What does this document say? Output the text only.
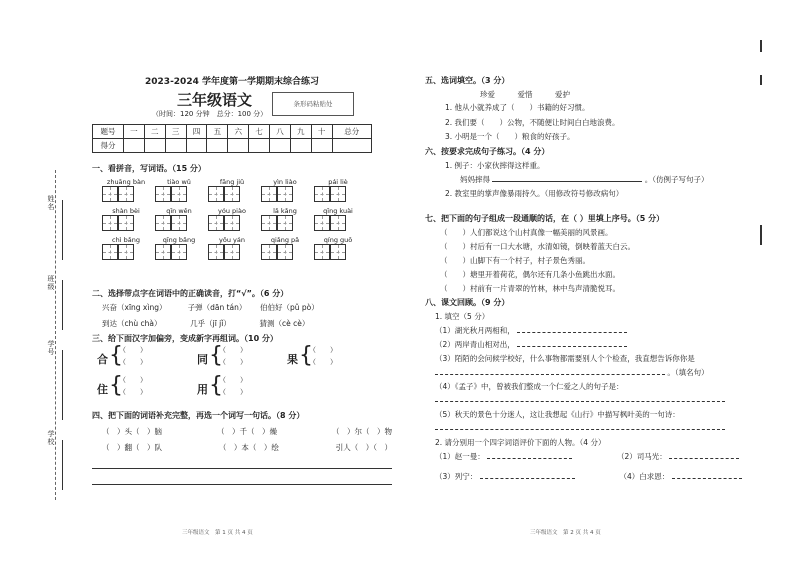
姓名
班级
学号
学校
2023-2024 学年度第一学期期末综合练习
三年级语文	条形码粘贴处
（时间：120 分钟　总分：100 分）
题号	一	二	三	四	五	六	七	八	九	十	总分
得分											
一、看拼音，写词语。（15 分）
zhuāng bàn	tiào wǔ	fāng jiǔ	yìn liào	pái liè
shàn bèi	qīn wěn	yóu piào	lǎ kǎng	qīng kuài
chì bǎng	qīng bǎng	yǒu yán	qiǎng pǎ	qíng guō
二、选择带点字在词语中的正确读音，打“√”。（6 分）
兴奋（xīng xìng）　　　 子弹（dān tán）　　 伯伯好（pǔ pò）
到达（chù chà）　　　　 几乎（jī jǐ）　　　　 猜测（cè cè）
三、给下面汉字加偏旁，变成新字再组词。（10 分）
合 {
（　　）
（　　）	同 {
（　　）
（　　）	果 {
（　　）
（　　）
住 {
（　　）
（　　）	用 {
（　　）
（　　）
四、把下面的词语补充完整，再选一个词写一句话。（8 分）
（　）头（　）脑	（　）千（　）燥	（　）尔（　）物
（　）翻（　）队	（　）本（　）绘	引人（　）（　）
三年级语文　第 1 页 共 4 页
五、选词填空。（3 分）
珍爱　　　爱惜　　　爱护
1. 他从小就养成了（　　）书籍的好习惯。
2. 我们要（　　）公物，不随便让时间白白地浪费。
3. 小明是一个（　　）粮食的好孩子。
六、按要求完成句子练习。（4 分）
1. 例子：小家伙摔得这样重。
妈妈摔得	。（仿例子写句子）
2. 教室里的掌声像暴雨持久。（用修改符号修改病句）
七、把下面的句子组成一段通顺的话，在（ ）里填上序号。（5 分）
（　　）人们都说这个山村真像一幅美丽的风景画。
（　　）村后有一口大水塘，水清如镜，倒映着蓝天白云。
（　　）山脚下有一个村子，村子景色秀丽。
（　　）塘里开着荷花，偶尔还有几条小鱼跳出水面。
（　　）村前有一片青翠的竹林，林中鸟声清脆悦耳。
八、课文回顾。（9 分）
1. 填空（5 分）
（1）湖光秋月两相和，
（2）两岸青山相对出，
（3）陌陌的会问候学校好，什么事物都需要别人个个检查，我直想告诉你你是
。（填名句）
（4）《孟子》中，曾被我们整成一个仁爱之人的句子是：
（5）秋天的景色十分迷人，这让我想起《山行》中描写枫叶美的一句诗：
2. 请分别用一个四字词语评价下面的人物。（4 分）
（1）赵一曼：	（2）司马光：
（3）列宁：	（4）白求恩：
三年级语文　第 2 页 共 4 页
